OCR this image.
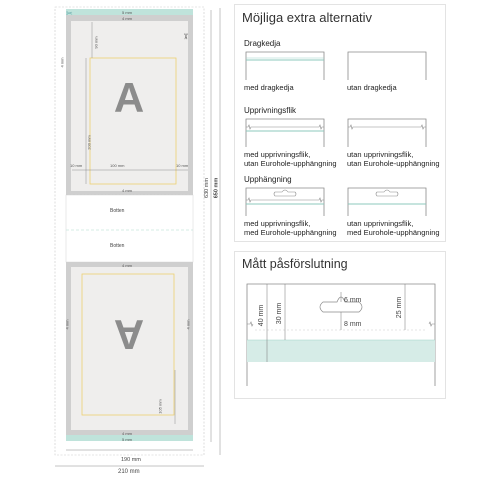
A
A
5 mm
4 mm
4 mm
90 mm
200 mm
100 mm
10 mm	10 mm
4 mm
Botten
Botten
4 mm
4 mm	4 mm
105 mm
4 mm
5 mm
630 mm 650 mm
190 mm
210 mm
✂
✂
Möjliga extra alternativ
Dragkedja
med dragkedja	utan dragkedja
Upprivningsflik
med upprivningsflik,
utan Eurohole-upphängning
utan upprivningsflik,
utan Eurohole-upphängning
Upphängning
med upprivningsflik,
med Eurohole-upphängning
utan upprivningsflik,
med Eurohole-upphängning
Mått påsförslutning
6 mm
8 mm
40 mm 30 mm	25 mm
